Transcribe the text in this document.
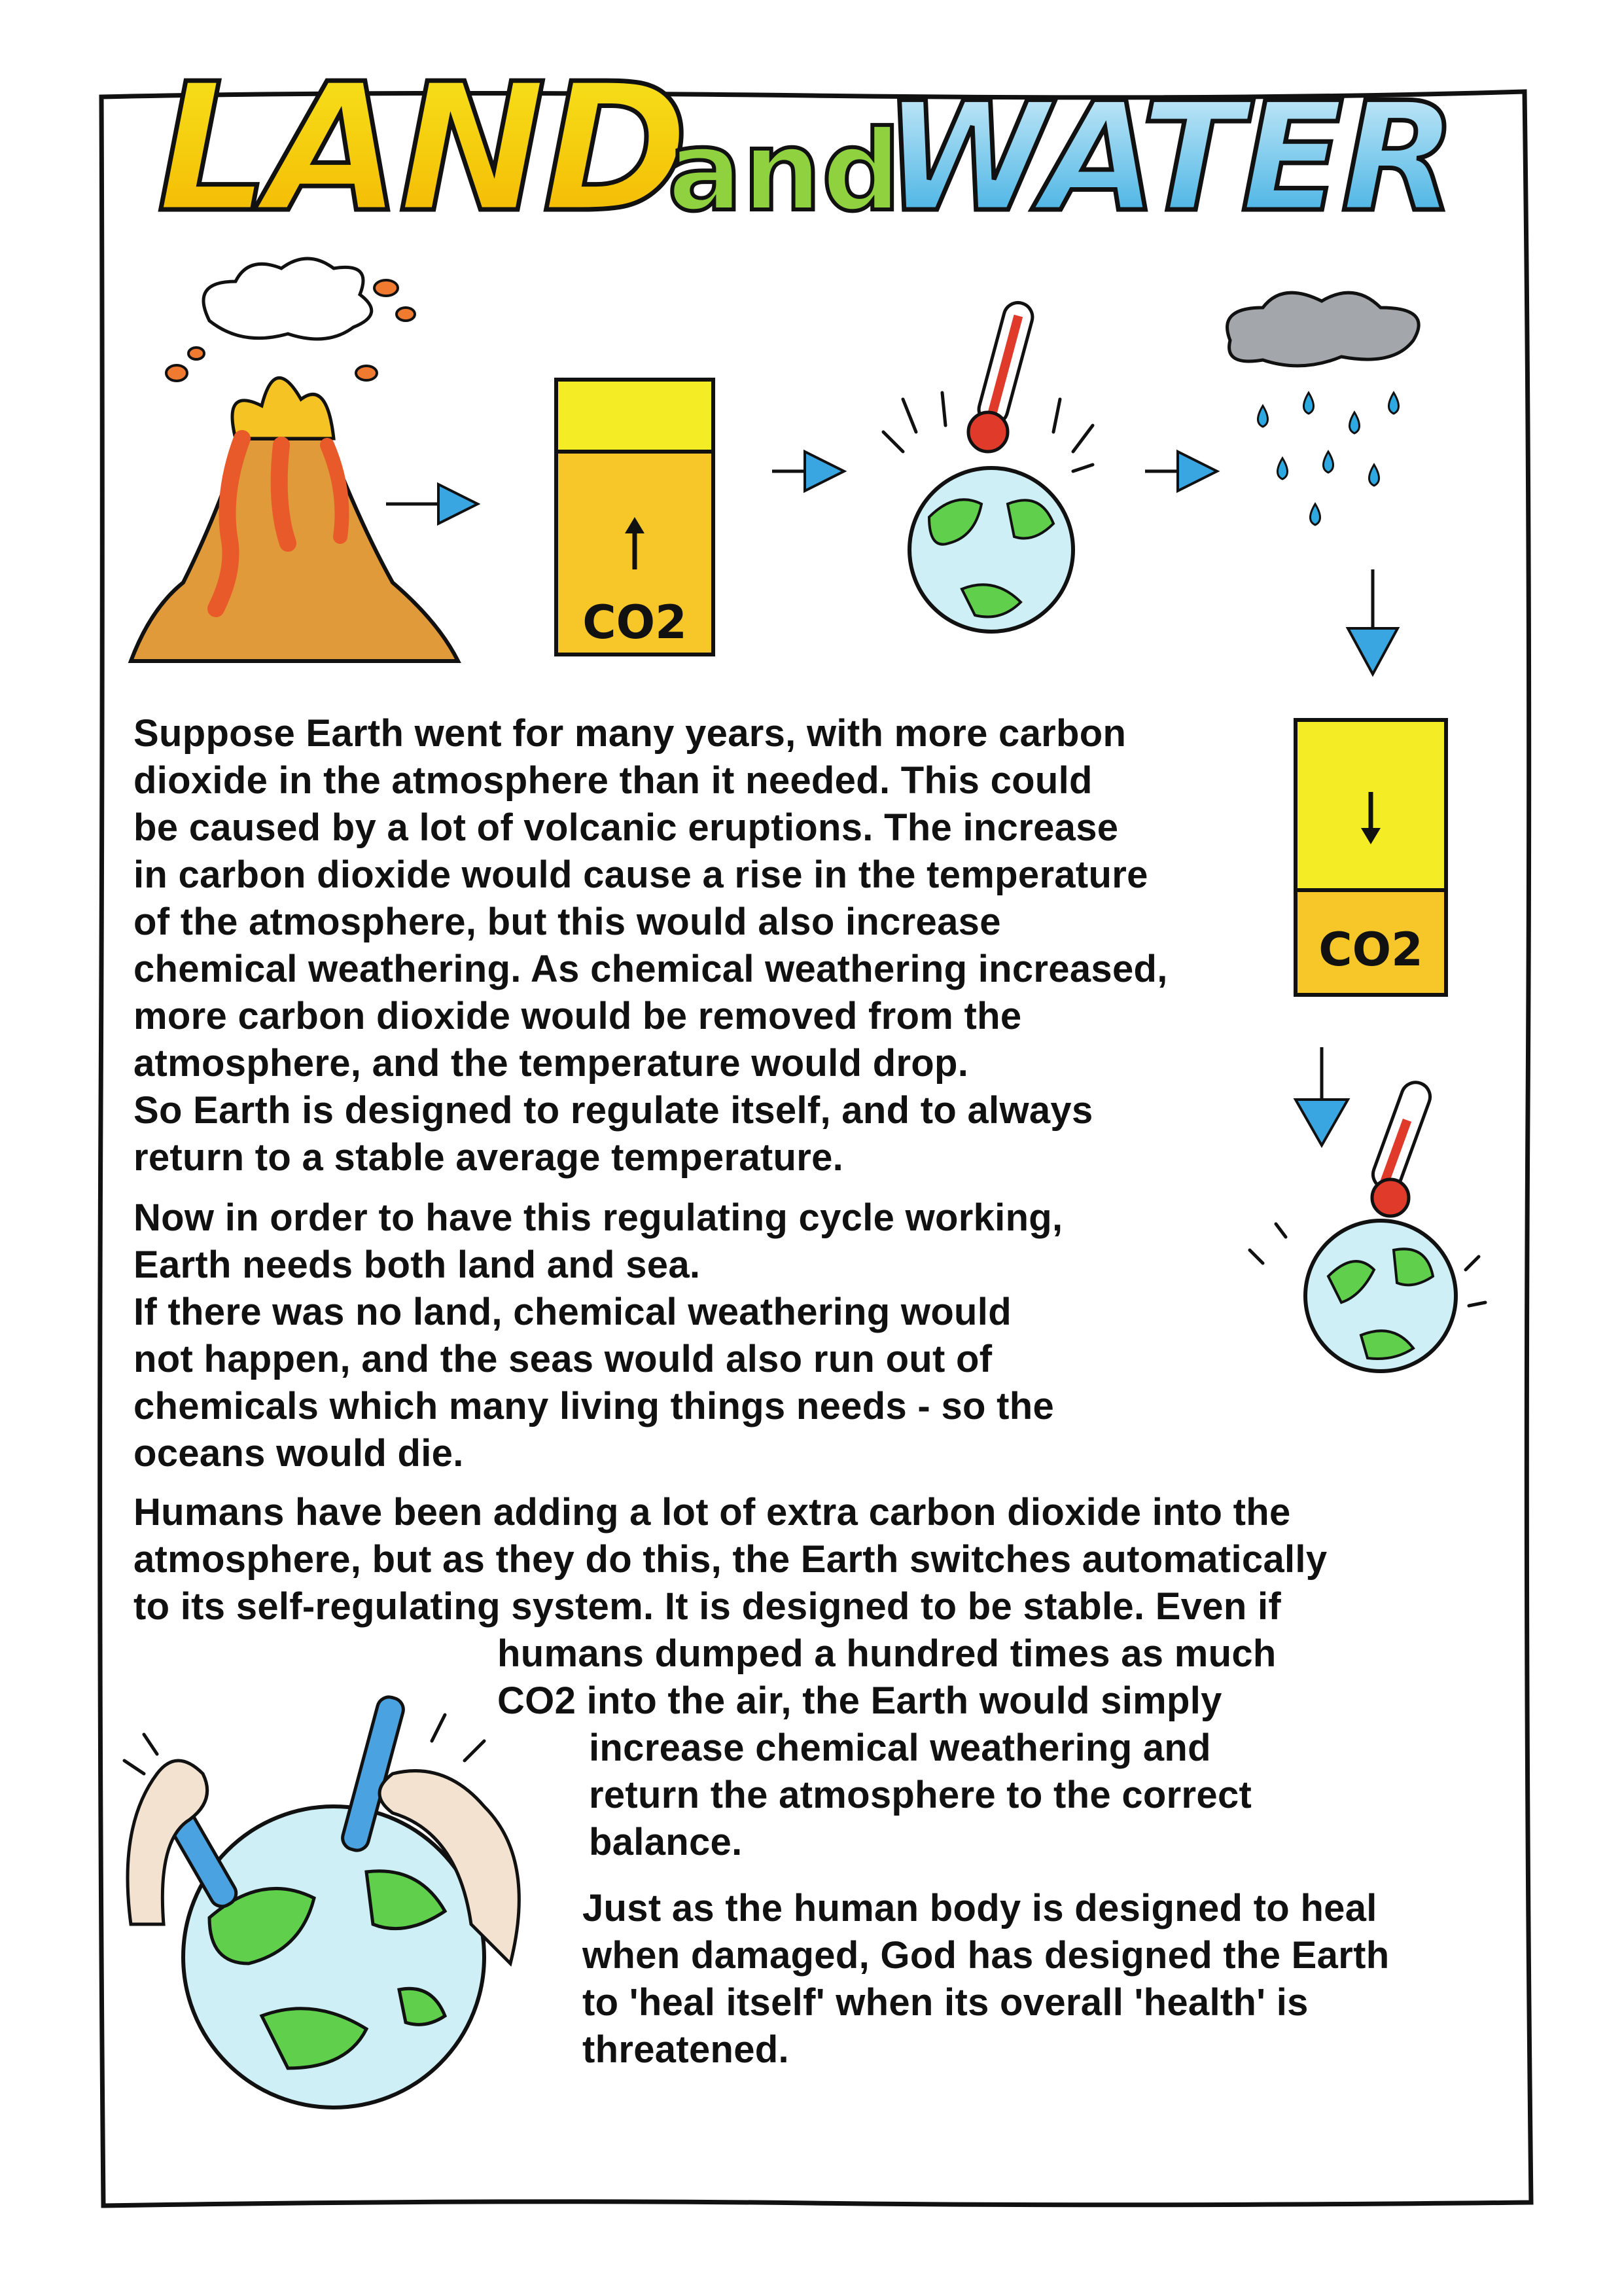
LAND
and
WATER
CO2
CO2

Suppose Earth went for many years, with more carbon
dioxide in the atmosphere than it needed. This could
be caused by a lot of volcanic eruptions. The increase
in carbon dioxide would cause a rise in the temperature
of the atmosphere, but this would also increase
chemical weathering. As chemical weathering increased,
more carbon dioxide would be removed from the
atmosphere, and the temperature would drop.
So Earth is designed to regulate itself, and to always
return to a stable average temperature.

Now in order to have this regulating cycle working,
Earth needs both land and sea.
If there was no land, chemical weathering would
not happen, and the seas would also run out of
chemicals which many living things needs - so the
oceans would die.

Humans have been adding a lot of extra carbon dioxide into the
atmosphere, but as they do this, the Earth switches automatically
to its self-regulating system. It is designed to be stable. Even if

humans dumped a hundred times as much
CO2 into the air, the Earth would simply

increase chemical weathering and
return the atmosphere to the correct
balance.

Just as the human body is designed to heal
when damaged, God has designed the Earth
to 'heal itself' when its overall 'health' is
threatened.
